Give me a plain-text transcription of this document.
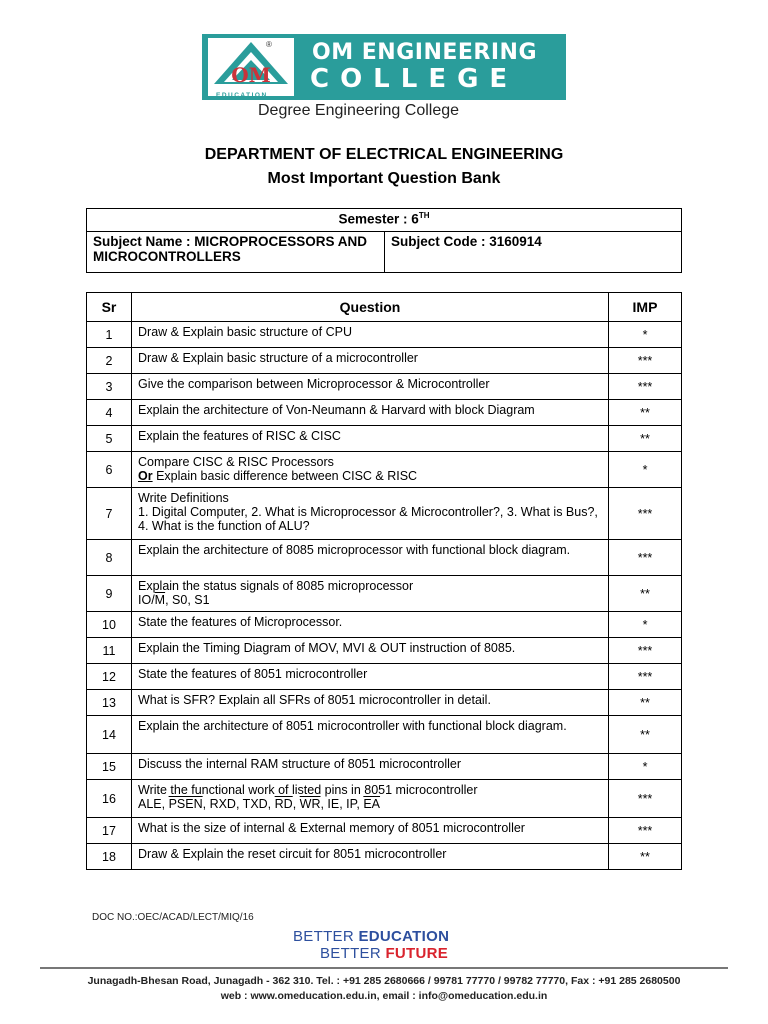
OM
®
EDUCATION
OM ENGINEERING
COLLEGE
Degree Engineering College
DEPARTMENT OF ELECTRICAL ENGINEERING
Most Important Question Bank
Semester : 6TH
Subject Name : MICROPROCESSORS AND MICROCONTROLLERS	Subject Code : 3160914
Sr	Question	IMP
1	Draw & Explain basic structure of CPU	*
2	Draw & Explain basic structure of a microcontroller	***
3	Give the comparison between Microprocessor & Microcontroller	***
4	Explain the architecture of Von-Neumann & Harvard with block Diagram	**
5	Explain the features of RISC & CISC	**
6	Compare CISC & RISC Processors
Or Explain basic difference between CISC & RISC	*
7	Write Definitions
1. Digital Computer, 2. What is Microprocessor & Microcontroller?, 3. What is Bus?, 4. What is the function of ALU?	***
8	Explain the architecture of 8085 microprocessor with functional block diagram.	***
9	Explain the status signals of 8085 microprocessor
$IO/\overline{M}$, S0, S1	**
10	State the features of Microprocessor.	*
11	Explain the Timing Diagram of MOV, MVI & OUT instruction of 8085.	***
12	State the features of 8051 microcontroller	***
13	What is SFR? Explain all SFRs of 8051 microcontroller in detail.	**
14	Explain the architecture of 8051 microcontroller with functional block diagram.	**
15	Discuss the internal RAM structure of 8051 microcontroller	*
16	Write the functional work of listed pins in 8051 microcontroller
ALE, PSEN, RXD, TXD, $\overline{RD}$, $\overline{WR}$, IE, IP, $\overline{EA}$	***
17	What is the size of internal & External memory of 8051 microcontroller	***
18	Draw & Explain the reset circuit for 8051 microcontroller	**
DOC NO.:OEC/ACAD/LECT/MIQ/16
BETTER EDUCATION
BETTER FUTURE
Junagadh-Bhesan Road, Junagadh - 362 310. Tel. : +91 285 2680666 / 99781 77770 / 99782 77770, Fax : +91 285 2680500
web : www.omeducation.edu.in, email : info@omeducation.edu.in
